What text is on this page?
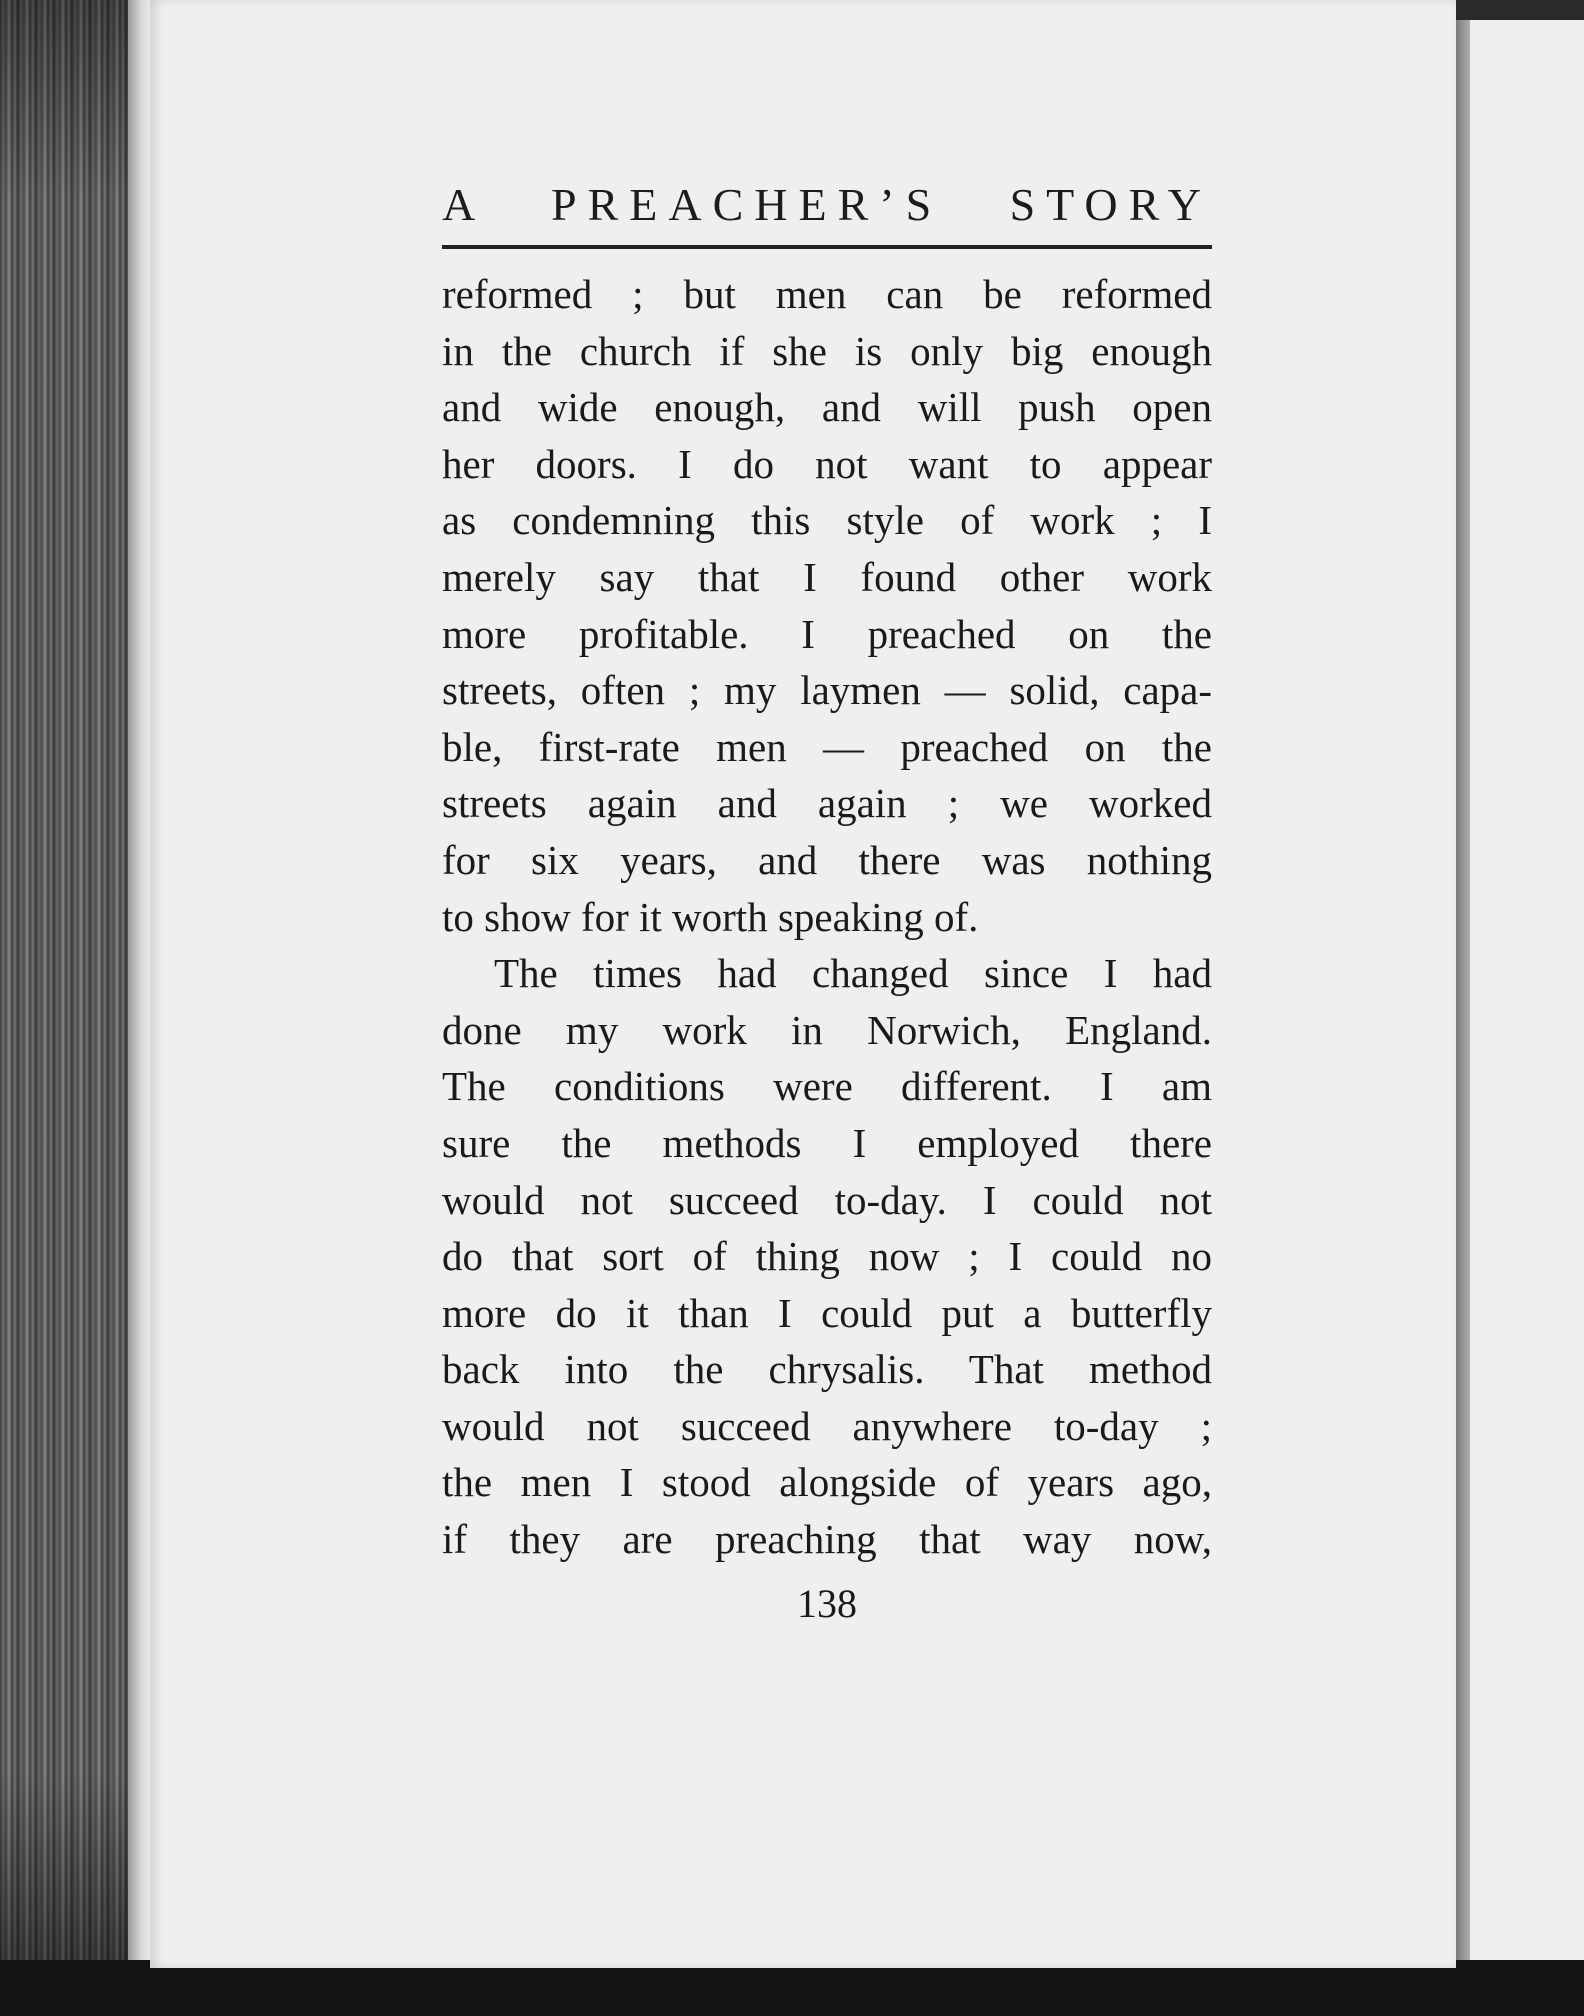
A PREACHER’S STORY
reformed ; but men can be reformed
in the church if she is only big enough
and wide enough, and will push open
her doors. I do not want to appear
as condemning this style of work ; I
merely say that I found other work
more profitable. I preached on the
streets, often ; my laymen — solid, capa-
ble, first-rate men — preached on the
streets again and again ; we worked
for six years, and there was nothing
to show for it worth speaking of.
The times had changed since I had
done my work in Norwich, England.
The conditions were different. I am
sure the methods I employed there
would not succeed to-day. I could not
do that sort of thing now ; I could no
more do it than I could put a butterfly
back into the chrysalis. That method
would not succeed anywhere to-day ;
the men I stood alongside of years ago,
if they are preaching that way now,
138
